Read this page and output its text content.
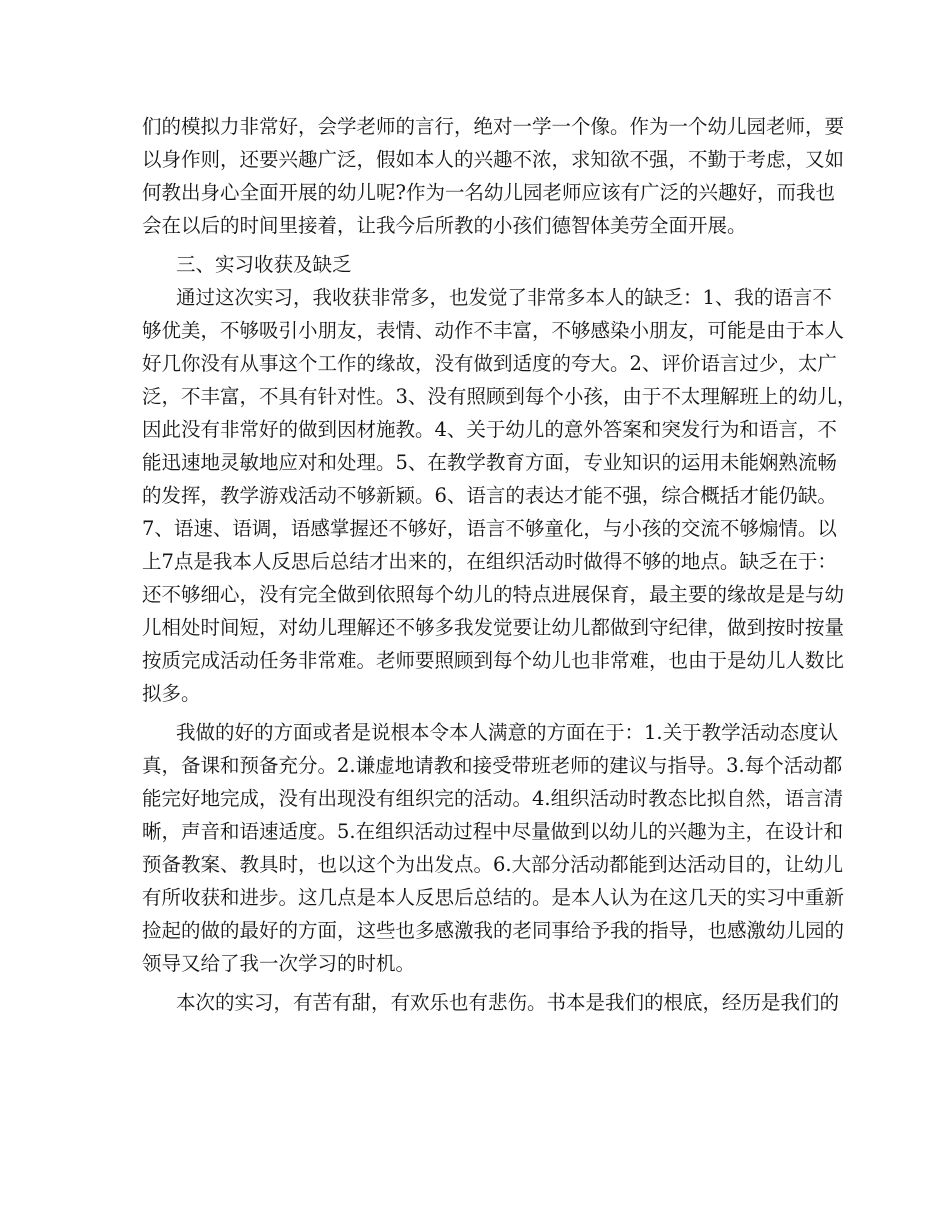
们的模拟力非常好，会学老师的言行，绝对一学一个像。作为一个幼儿园老师，要
以身作则，还要兴趣广泛，假如本人的兴趣不浓，求知欲不强，不勤于考虑，又如
何教出身心全面开展的幼儿呢?作为一名幼儿园老师应该有广泛的兴趣好，而我也
会在以后的时间里接着，让我今后所教的小孩们德智体美劳全面开展。
三、实习收获及缺乏
通过这次实习，我收获非常多，也发觉了非常多本人的缺乏：1、我的语言不
够优美，不够吸引小朋友，表情、动作不丰富，不够感染小朋友，可能是由于本人
好几你没有从事这个工作的缘故，没有做到适度的夸大。2、评价语言过少，太广
泛，不丰富，不具有针对性。3、没有照顾到每个小孩，由于不太理解班上的幼儿，
因此没有非常好的做到因材施教。4、关于幼儿的意外答案和突发行为和语言，不
能迅速地灵敏地应对和处理。5、在教学教育方面，专业知识的运用未能娴熟流畅
的发挥，教学游戏活动不够新颖。6、语言的表达才能不强，综合概括才能仍缺。
7、语速、语调，语感掌握还不够好，语言不够童化，与小孩的交流不够煽情。以
上7点是我本人反思后总结才出来的，在组织活动时做得不够的地点。缺乏在于：
还不够细心，没有完全做到依照每个幼儿的特点进展保育，最主要的缘故是是与幼
儿相处时间短，对幼儿理解还不够多我发觉要让幼儿都做到守纪律，做到按时按量
按质完成活动任务非常难。老师要照顾到每个幼儿也非常难，也由于是幼儿人数比
拟多。
我做的好的方面或者是说根本令本人满意的方面在于：1.关于教学活动态度认
真，备课和预备充分。2.谦虚地请教和接受带班老师的建议与指导。3.每个活动都
能完好地完成，没有出现没有组织完的活动。4.组织活动时教态比拟自然，语言清
晰，声音和语速适度。5.在组织活动过程中尽量做到以幼儿的兴趣为主，在设计和
预备教案、教具时，也以这个为出发点。6.大部分活动都能到达活动目的，让幼儿
有所收获和进步。这几点是本人反思后总结的。是本人认为在这几天的实习中重新
捡起的做的最好的方面，这些也多感激我的老同事给予我的指导，也感激幼儿园的
领导又给了我一次学习的时机。
本次的实习，有苦有甜，有欢乐也有悲伤。书本是我们的根底，经历是我们的
